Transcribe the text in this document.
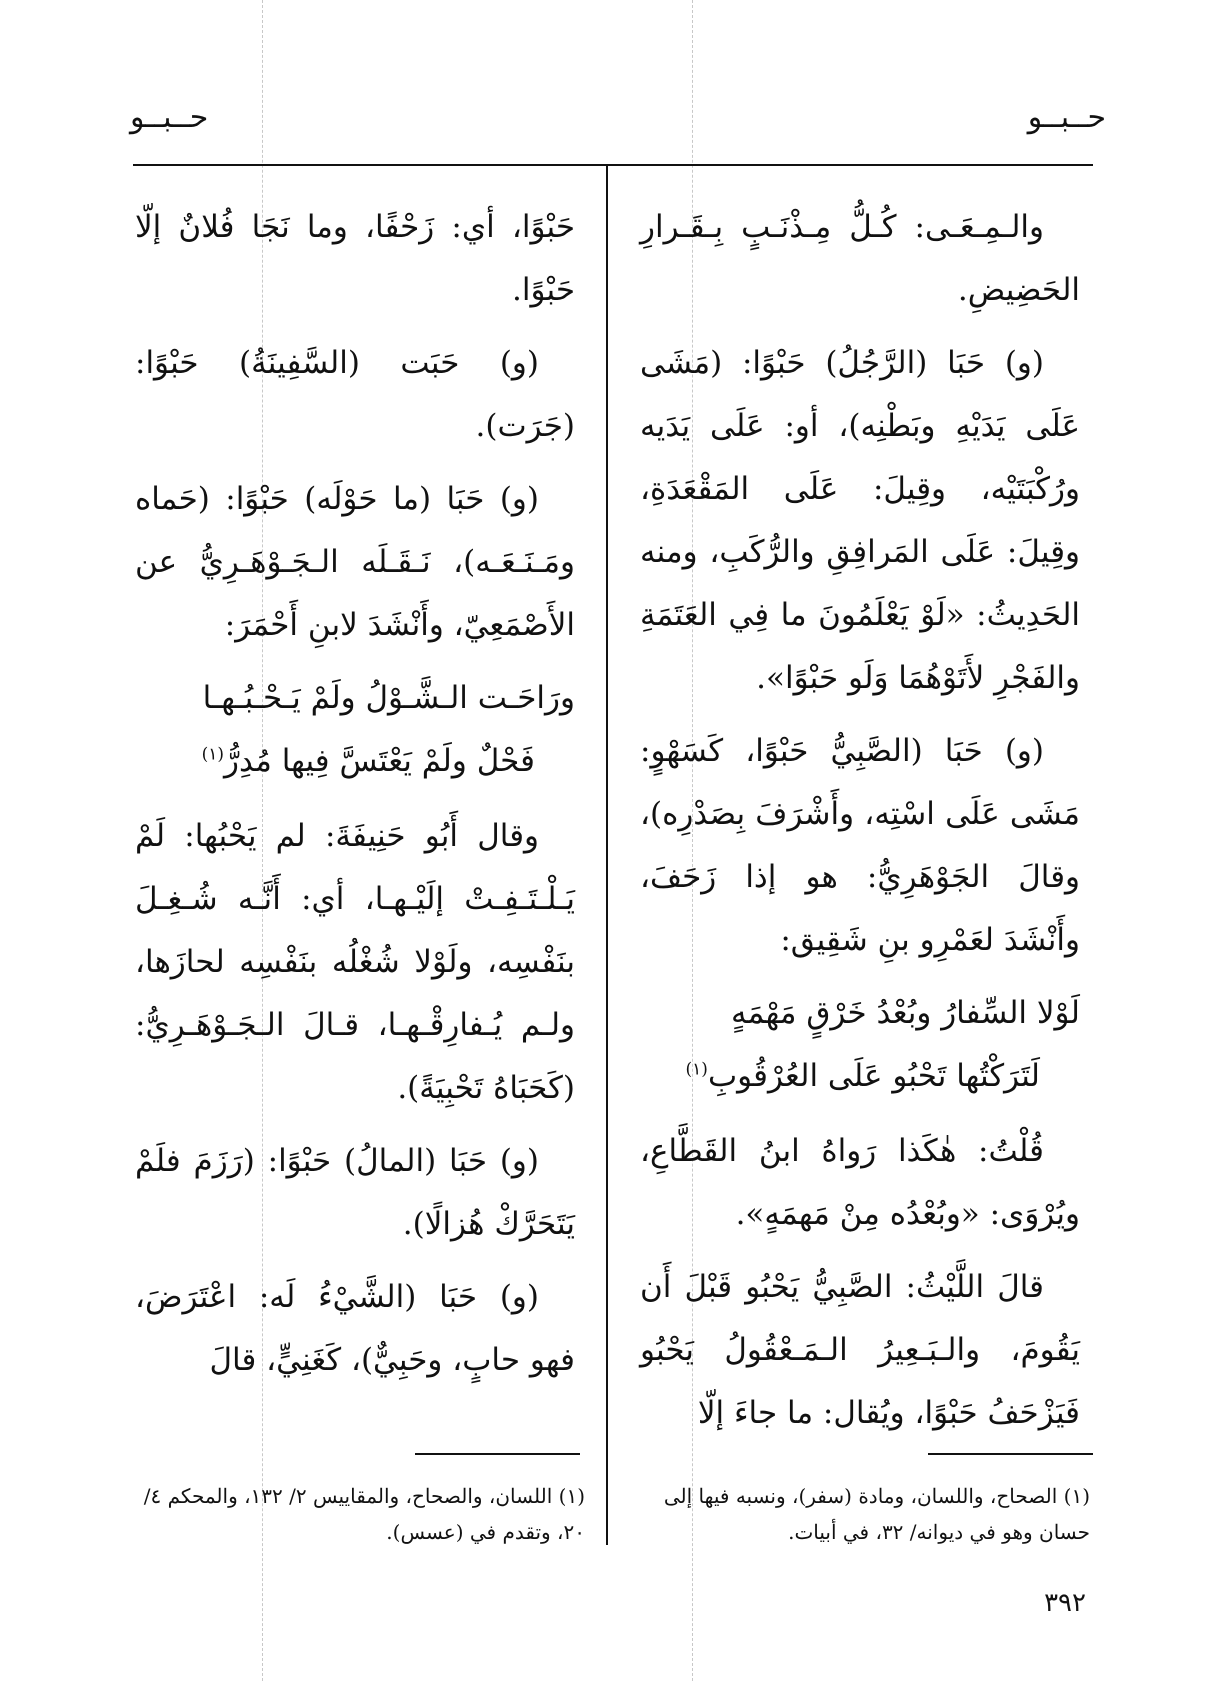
حــبــو
حــبــو

والـمِـعَـى: كُـلُّ مِـذْنَـبٍ بِـقَـرارِ الحَضِيضِ.

(و) حَبَا (الرَّجُلُ) حَبْوًا: (مَشَى عَلَى يَدَيْهِ وبَطْنِه)، أو: عَلَى يَدَيه ورُكْبَتَيْه، وقِيلَ: عَلَى المَقْعَدَةِ، وقِيلَ: عَلَى المَرافِقِ والرُّكَبِ، ومنه الحَدِيثُ: «لَوْ يَعْلَمُونَ ما فِي العَتَمَةِ والفَجْرِ لأَتَوْهُمَا وَلَو حَبْوًا».

(و) حَبَا (الصَّبِيُّ حَبْوًا، كَسَهْوٍ: مَشَى عَلَى اسْتِه، وأَشْرَفَ بِصَدْرِه)، وقالَ الجَوْهَرِيُّ: هو إذا زَحَفَ، وأَنْشَدَ لعَمْرِو بنِ شَقِيق:

لَوْلا السِّفارُ وبُعْدُ خَرْقٍ مَهْمَهٍ
لَتَرَكْتُها تَحْبُو عَلَى العُرْقُوبِ$^{(١)}$

قُلْتُ: هٰكَذا رَواهُ ابنُ القَطَّاعِ، ويُرْوَى: «وبُعْدُه مِنْ مَهمَهٍ».

قالَ اللَّيْثُ: الصَّبِيُّ يَحْبُو قَبْلَ أَن يَقُومَ، والـبَـعِيرُ الـمَـعْقُولُ يَحْبُو فَيَزْحَفُ حَبْوًا، ويُقال: ما جاءَ إلّا

حَبْوًا، أي: زَحْفًا، وما نَجَا فُلانٌ إلّا حَبْوًا.

(و) حَبَت (السَّفِينَةُ) حَبْوًا: (جَرَت).

(و) حَبَا (ما حَوْلَه) حَبْوًا: (حَماه ومَـنَـعَـه)، نَـقَـلَه الـجَـوْهَـرِيُّ عن الأَصْمَعِيّ، وأَنْشَدَ لابنِ أَحْمَرَ:

ورَاحَـت الـشَّـوْلُ ولَمْ يَـحْـبُـهـا
فَحْلٌ ولَمْ يَعْتَسَّ فِيها مُدِرُّ$^{(١)}$

وقال أَبُو حَنِيفَةَ: لم يَحْبُها: لَمْ يَـلْـتَـفِـتْ إلَيْـهـا، أي: أَنَّـه شُـغِـلَ بنَفْسِه، ولَوْلا شُغْلُه بنَفْسِه لحازَها، ولـم يُـفارِقْـهـا، قـالَ الـجَـوْهَـرِيُّ: (كَحَبَاهُ تَحْبِيَةً).

(و) حَبَا (المالُ) حَبْوًا: (رَزَمَ فلَمْ يَتَحَرَّكْ هُزالًا).

(و) حَبَا (الشَّيْءُ لَه: اعْتَرَضَ، فهو حابٍ، وحَبِيٌّ)، كَغَنِيٍّ، قالَ

(١) الصحاح، واللسان، ومادة (سفر)، ونسبه فيها إلى حسان وهو في ديوانه/ ٣٢، في أبيات.
(١) اللسان، والصحاح، والمقاييس ٢/ ١٣٢، والمحكم ٤/ ٢٠، وتقدم في (عسس).
٣٩٢
